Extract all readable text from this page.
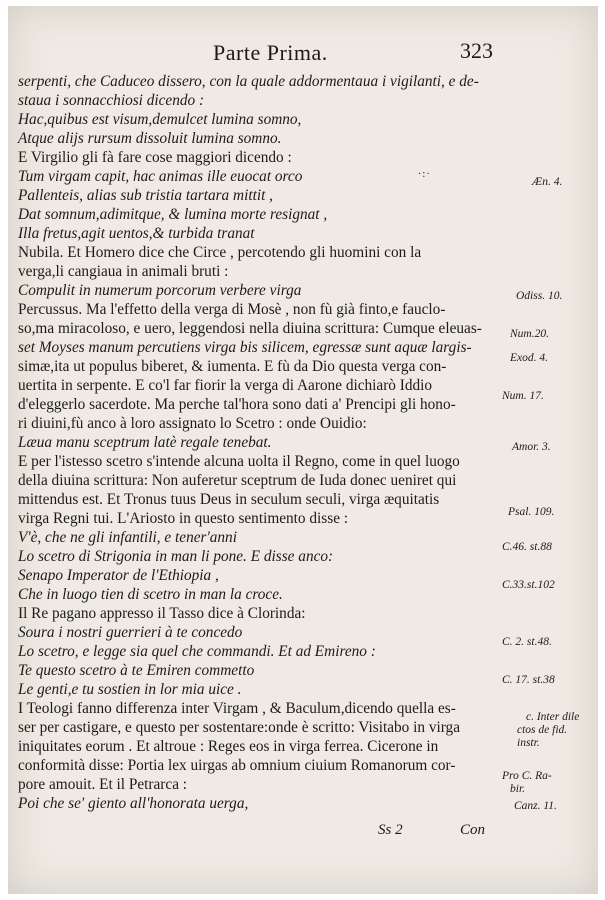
Parte Prima.	323
serpenti, che Caduceo dissero, con la quale addormentaua i vigilanti, e de-
staua i sonnacchiosi dicendo :
Hac,quibus est visum,demulcet lumina somno,
Atque alijs rursum dissoluit lumina somno.
E Virgilio gli fà fare cose maggiori dicendo :
Tum virgam capit, hac animas ille euocat orco
Pallenteis, alias sub tristia tartara mittit ,
Dat somnum,adimitque, & lumina morte resignat ,
Illa fretus,agit uentos,& turbida tranat
Nubila. Et Homero dice che Circe , percotendo gli huomini con la
verga,li cangiaua in animali bruti :
Compulit in numerum porcorum verbere virga
Percussus. Ma l'effetto della verga di Mosè , non fù già finto,e fauclo-
so,ma miracoloso, e uero, leggendosi nella diuina scrittura: Cumque eleuas-
set Moyses manum percutiens virga bis silicem, egressæ sunt aquæ largis-
simæ,ita ut populus biberet, & iumenta. E fù da Dio questa verga con-
uertita in serpente. E co'l far fiorir la verga di Aarone dichiarò Iddio
d'eleggerlo sacerdote. Ma perche tal'hora sono dati a' Prencipi gli hono-
ri diuini,fù anco à loro assignato lo Scetro : onde Ouidio:
Læua manu sceptrum latè regale tenebat.
E per l'istesso scetro s'intende alcuna uolta il Regno, come in quel luogo
della diuina scrittura: Non auferetur sceptrum de Iuda donec ueniret qui
mittendus est. Et Tronus tuus Deus in seculum seculi, virga æquitatis
virga Regni tui. L'Ariosto in questo sentimento disse :
V'è, che ne gli infantili, e tener'anni
Lo scetro di Strigonia in man li pone. E disse anco:
Senapo Imperator de l'Ethiopia ,
Che in luogo tien di scetro in man la croce.
Il Re pagano appresso il Tasso dice à Clorinda:
Soura i nostri guerrieri à te concedo
Lo scetro, e legge sia quel che commandi. Et ad Emireno :
Te questo scetro à te Emiren commetto
Le genti,e tu sostien in lor mia uice .
I Teologi fanno differenza inter Virgam , & Baculum,dicendo quella es-
ser per castigare, e questo per sostentare:onde è scritto: Visitabo in virga
iniquitates eorum . Et altroue : Reges eos in virga ferrea. Cicerone in
conformità disse: Portia lex uirgas ab omnium ciuium Romanorum cor-
pore amouit. Et il Petrarca :
Poi che se' giento all'honorata uerga,
·:·
Æn. 4.
Odiss. 10.
Num.20.
Exod. 4.
Num. 17.
Amor. 3.
Psal. 109.
C.46. st.88
C.33.st.102
C. 2. st.48.
C. 17. st.38
c. Inter dile
ctos de fid.
instr.
Pro C. Ra-
bir.
Canz. 11.
Ss 2	Con
